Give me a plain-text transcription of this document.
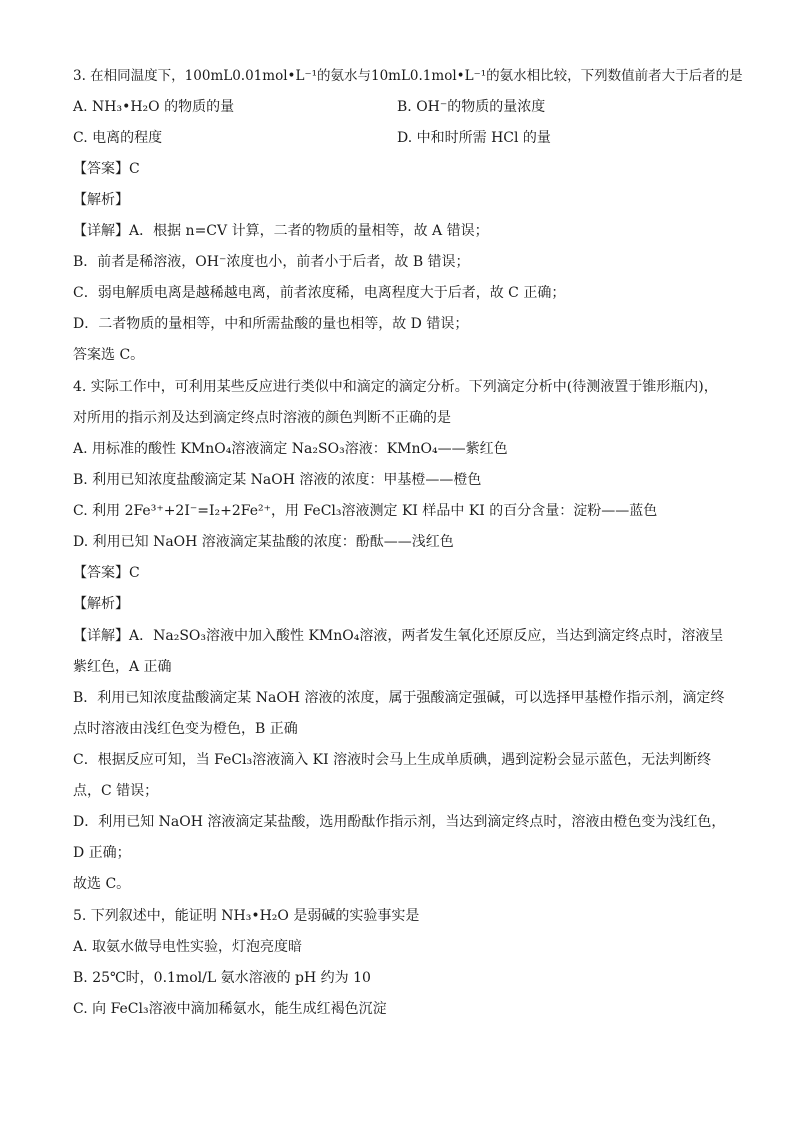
3. 在相同温度下，100mL0.01mol•L⁻¹的氨水与10mL0.1mol•L⁻¹的氨水相比较，下列数值前者大于后者的是
A. NH₃•H₂O 的物质的量	B. OH⁻的物质的量浓度
C. 电离的程度	D. 中和时所需 HCl 的量
【答案】C
【解析】
【详解】A．根据 n=CV 计算，二者的物质的量相等，故 A 错误；
B．前者是稀溶液，OH⁻浓度也小，前者小于后者，故 B 错误；
C．弱电解质电离是越稀越电离，前者浓度稀，电离程度大于后者，故 C 正确；
D．二者物质的量相等，中和所需盐酸的量也相等，故 D 错误；
答案选 C。
4. 实际工作中，可利用某些反应进行类似中和滴定的滴定分析。下列滴定分析中(待测液置于锥形瓶内)，
对所用的指示剂及达到滴定终点时溶液的颜色判断不正确的是
A. 用标准的酸性 KMnO₄溶液滴定 Na₂SO₃溶液：KMnO₄——紫红色
B. 利用已知浓度盐酸滴定某 NaOH 溶液的浓度：甲基橙——橙色
C. 利用 2Fe³⁺+2I⁻=I₂+2Fe²⁺，用 FeCl₃溶液测定 KI 样品中 KI 的百分含量：淀粉——蓝色
D. 利用已知 NaOH 溶液滴定某盐酸的浓度：酚酞——浅红色
【答案】C
【解析】
【详解】A．Na₂SO₃溶液中加入酸性 KMnO₄溶液，两者发生氧化还原反应，当达到滴定终点时，溶液呈
紫红色，A 正确
B．利用已知浓度盐酸滴定某 NaOH 溶液的浓度，属于强酸滴定强碱，可以选择甲基橙作指示剂，滴定终
点时溶液由浅红色变为橙色，B 正确
C．根据反应可知，当 FeCl₃溶液滴入 KI 溶液时会马上生成单质碘，遇到淀粉会显示蓝色，无法判断终
点，C 错误；
D．利用已知 NaOH 溶液滴定某盐酸，选用酚酞作指示剂，当达到滴定终点时，溶液由橙色变为浅红色，
D 正确；
故选 C。
5. 下列叙述中，能证明 NH₃•H₂O 是弱碱的实验事实是
A. 取氨水做导电性实验，灯泡亮度暗
B. 25℃时，0.1mol/L 氨水溶液的 pH 约为 10
C. 向 FeCl₃溶液中滴加稀氨水，能生成红褐色沉淀
